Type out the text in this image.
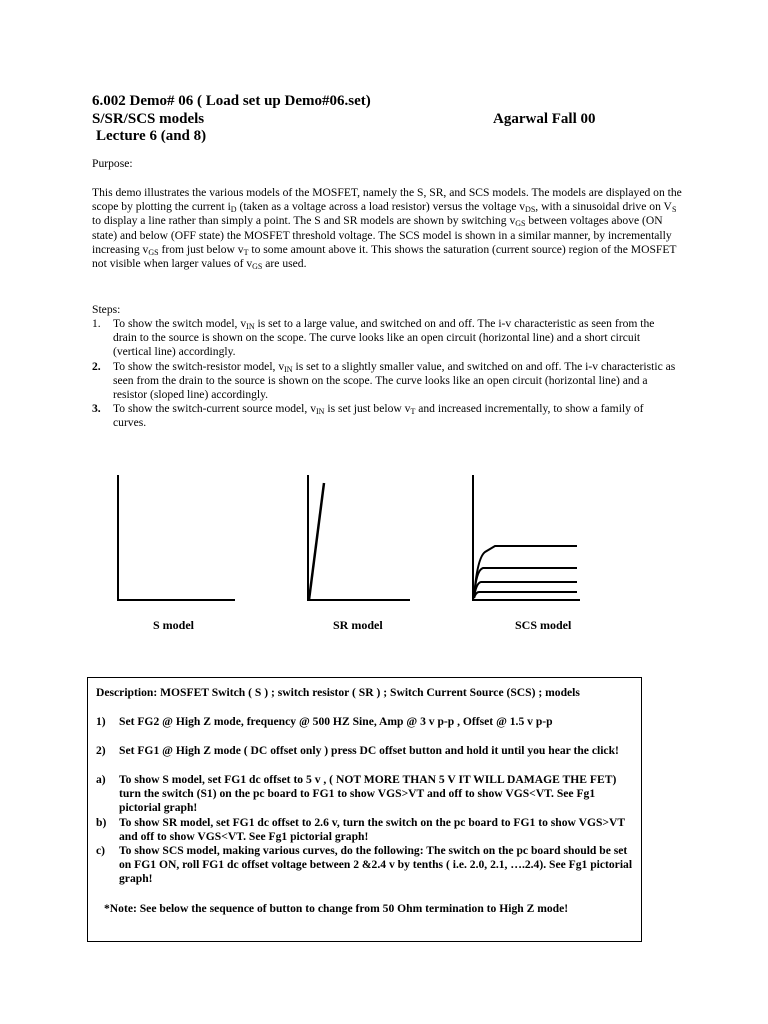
6.002 Demo# 06 ( Load set up Demo#06.set)
S/SR/SCS models	Agarwal Fall 00
Lecture 6 (and 8)
Purpose:
This demo illustrates the various models of the MOSFET, namely the S, SR, and SCS models. The models are displayed on the scope by plotting the current $i_D$ (taken as a voltage across a load resistor) versus the voltage $v_{DS}$, with a sinusoidal drive on $V_S$ to display a line rather than simply a point. The S and SR models are shown by switching $v_{GS}$ between voltages above (ON state) and below (OFF state) the MOSFET threshold voltage. The SCS model is shown in a similar manner, by incrementally increasing $v_{GS}$ from just below $v_T$ to some amount above it. This shows the saturation (current source) region of the MOSFET not visible when larger values of $v_{GS}$ are used.
Steps:
1. To show the switch model, $v_{IN}$ is set to a large value, and switched on and off. The i-v characteristic as seen from the drain to the source is shown on the scope. The curve looks like an open circuit (horizontal line) and a short circuit (vertical line) accordingly.
2. To show the switch-resistor model, $v_{IN}$ is set to a slightly smaller value, and switched on and off. The i-v characteristic as seen from the drain to the source is shown on the scope. The curve looks like an open circuit (horizontal line) and a resistor (sloped line) accordingly.
3. To show the switch-current source model, $v_{IN}$ is set just below $v_T$ and increased incrementally, to show a family of curves.
S model	SR model	SCS model
Description: MOSFET Switch ( S ) ; switch resistor ( SR ) ; Switch Current Source (SCS) ; models
1) Set FG2 @ High Z mode, frequency @ 500 HZ Sine, Amp @ 3 v p-p , Offset @ 1.5 v p-p
2) Set FG1 @ High Z mode ( DC offset only ) press DC offset button and hold it until you hear the click!
a) To show S model, set FG1 dc offset to 5 v , ( NOT MORE THAN 5 V IT WILL DAMAGE THE FET) turn the switch (S1) on the pc board to FG1 to show VGS>VT and off to show VGS<VT. See Fg1 pictorial graph!
b) To show SR model, set FG1 dc offset to 2.6 v, turn the switch on the pc board to FG1 to show VGS>VT and off to show VGS<VT. See Fg1 pictorial graph!
c) To show SCS model, making various curves, do the following: The switch on the pc board should be set on FG1 ON, roll FG1 dc offset voltage between 2 &2.4 v by tenths ( i.e. 2.0, 2.1, ….2.4). See Fg1 pictorial graph!
*Note: See below the sequence of button to change from 50 Ohm termination to High Z mode!
